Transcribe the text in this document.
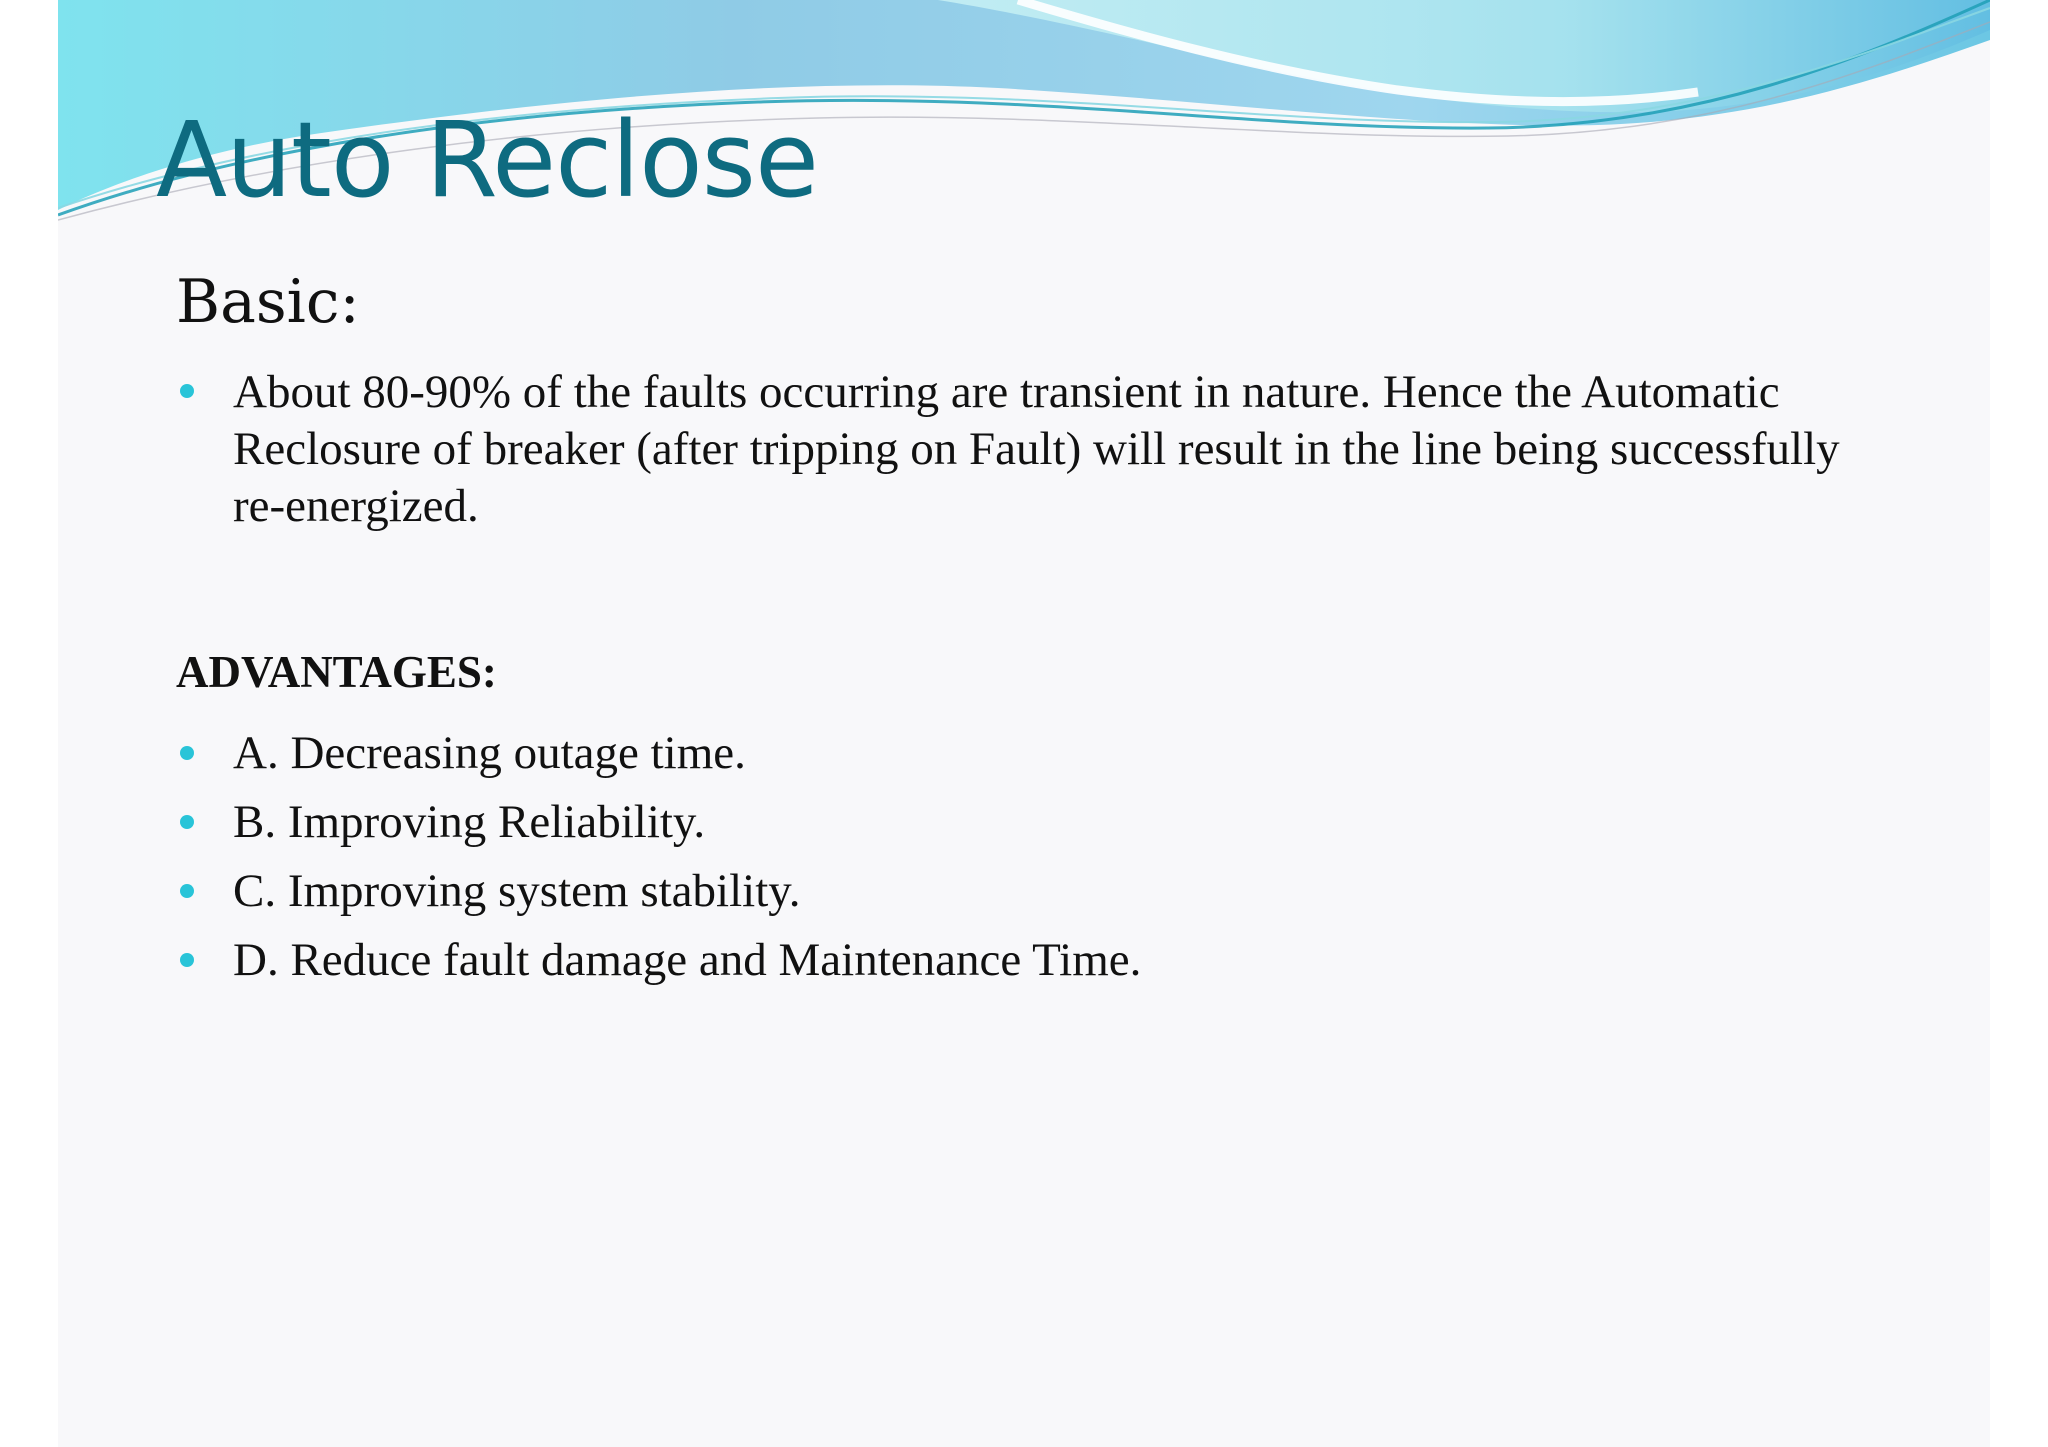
Auto Reclose
Basic:
About 80-90% of the faults occurring are transient in nature. Hence the Automatic Reclosure of breaker (after tripping on Fault) will result in the line being successfully re-energized.
ADVANTAGES:
A. Decreasing outage time.
B. Improving Reliability.
C. Improving system stability.
D. Reduce fault damage and Maintenance Time.
